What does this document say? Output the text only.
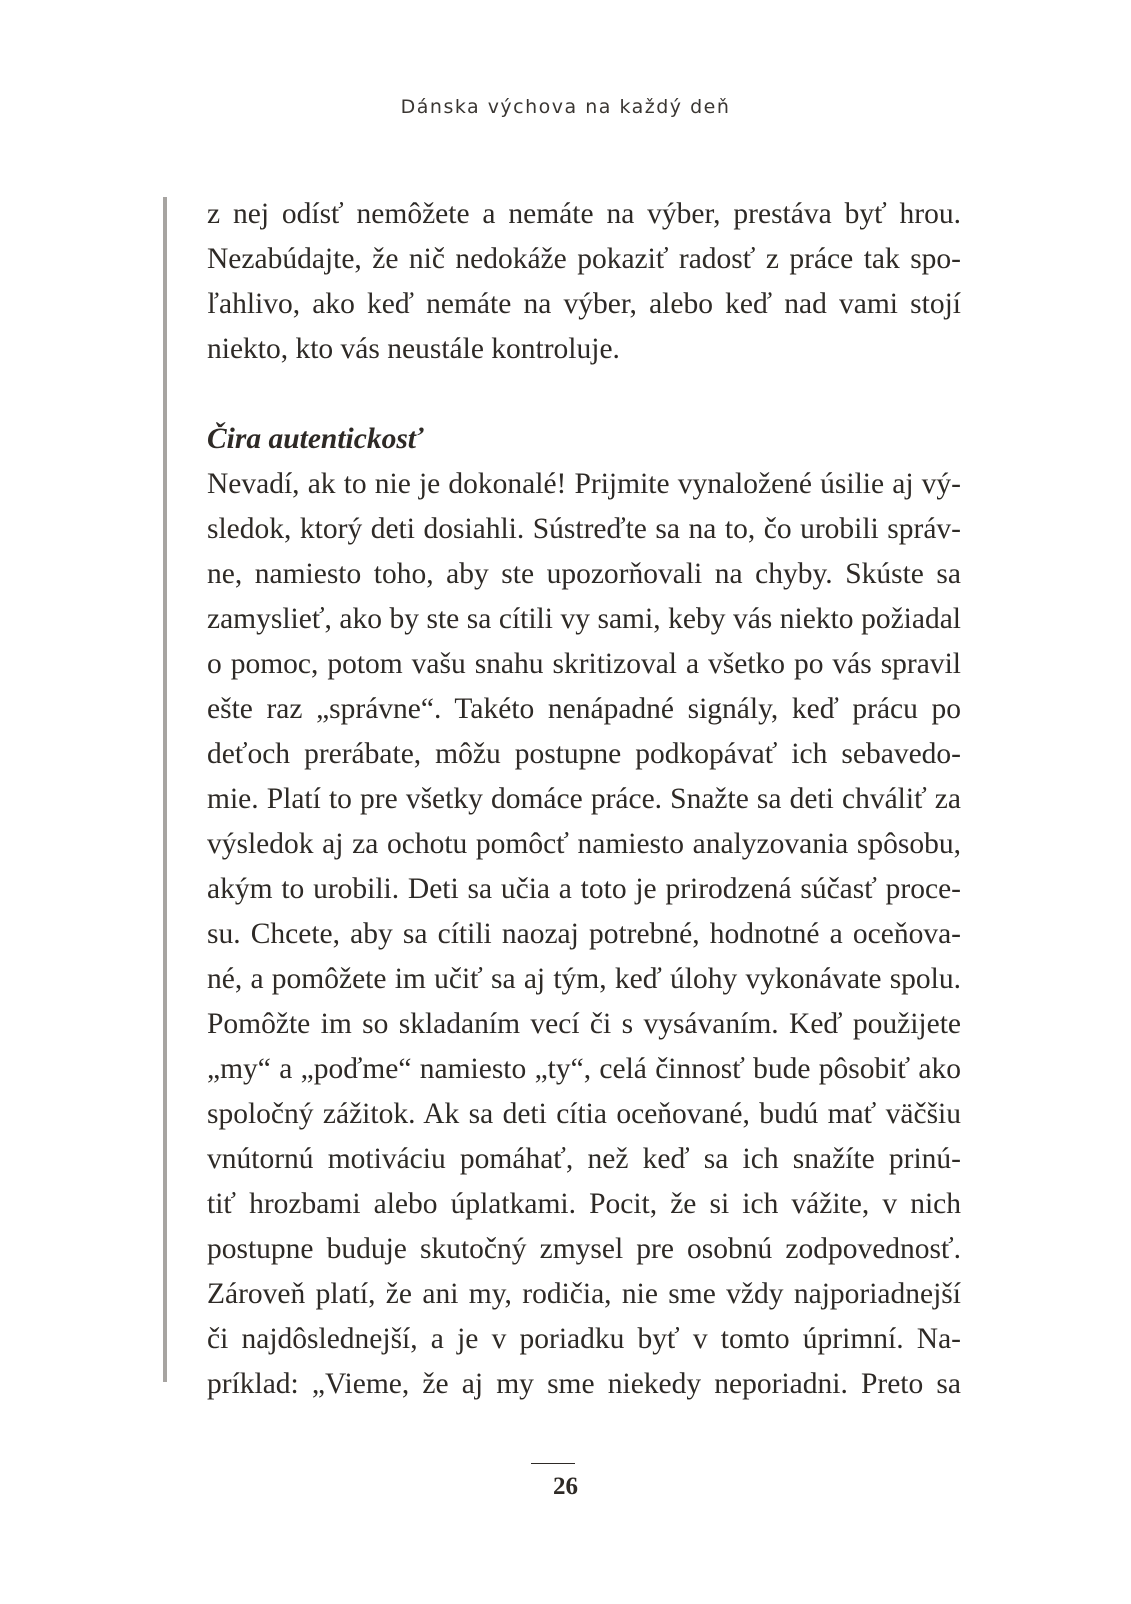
Dánska výchova na každý deň

z nej odísť nemôžete a nemáte na výber, prestáva byť hrou.
Nezabúdajte, že nič nedokáže pokaziť radosť z práce tak spo-
ľahlivo, ako keď nemáte na výber, alebo keď nad vami stojí
niekto, kto vás neustále kontroluje.
Čira autentickosť
Nevadí, ak to nie je dokonalé! Prijmite vynaložené úsilie aj vý-
sledok, ktorý deti dosiahli. Sústreďte sa na to, čo urobili správ-
ne, namiesto toho, aby ste upozorňovali na chyby. Skúste sa
zamyslieť, ako by ste sa cítili vy sami, keby vás niekto požiadal
o pomoc, potom vašu snahu skritizoval a všetko po vás spravil
ešte raz „správne“. Takéto nenápadné signály, keď prácu po
deťoch prerábate, môžu postupne podkopávať ich sebavedo-
mie. Platí to pre všetky domáce práce. Snažte sa deti chváliť za
výsledok aj za ochotu pomôcť namiesto analyzovania spôsobu,
akým to urobili. Deti sa učia a toto je prirodzená súčasť proce-
su. Chcete, aby sa cítili naozaj potrebné, hodnotné a oceňova-
né, a pomôžete im učiť sa aj tým, keď úlohy vykonávate spolu.
Pomôžte im so skladaním vecí či s vysávaním. Keď použijete
„my“ a „poďme“ namiesto „ty“, celá činnosť bude pôsobiť ako
spoločný zážitok. Ak sa deti cítia oceňované, budú mať väčšiu
vnútornú motiváciu pomáhať, než keď sa ich snažíte prinú-
tiť hrozbami alebo úplatkami. Pocit, že si ich vážite, v nich
postupne buduje skutočný zmysel pre osobnú zodpovednosť.
Zároveň platí, že ani my, rodičia, nie sme vždy najporiadnejší
či najdôslednejší, a je v poriadku byť v tomto úprimní. Na-
príklad: „Vieme, že aj my sme niekedy neporiadni. Preto sa

26
